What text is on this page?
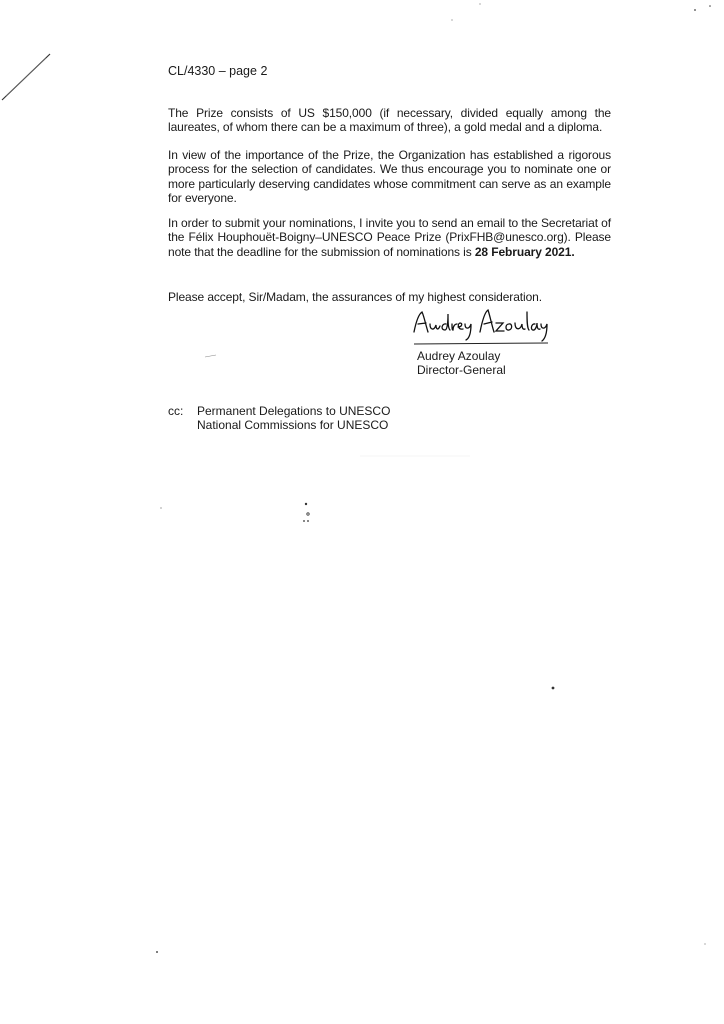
CL/4330 – page 2
The Prize consists of US $150,000 (if necessary, divided equally among the laureates, of whom there can be a maximum of three), a gold medal and a diploma.
In view of the importance of the Prize, the Organization has established a rigorous process for the selection of candidates. We thus encourage you to nominate one or more particularly deserving candidates whose commitment can serve as an example for everyone.
In order to submit your nominations, I invite you to send an email to the Secretariat of the Félix Houphouët-Boigny–UNESCO Peace Prize (PrixFHB@unesco.org). Please note that the deadline for the submission of nominations is 28 February 2021.
Please accept, Sir/Madam, the assurances of my highest consideration.
Audrey Azoulay
Director-General
cc: Permanent Delegations to UNESCO
National Commissions for UNESCO
